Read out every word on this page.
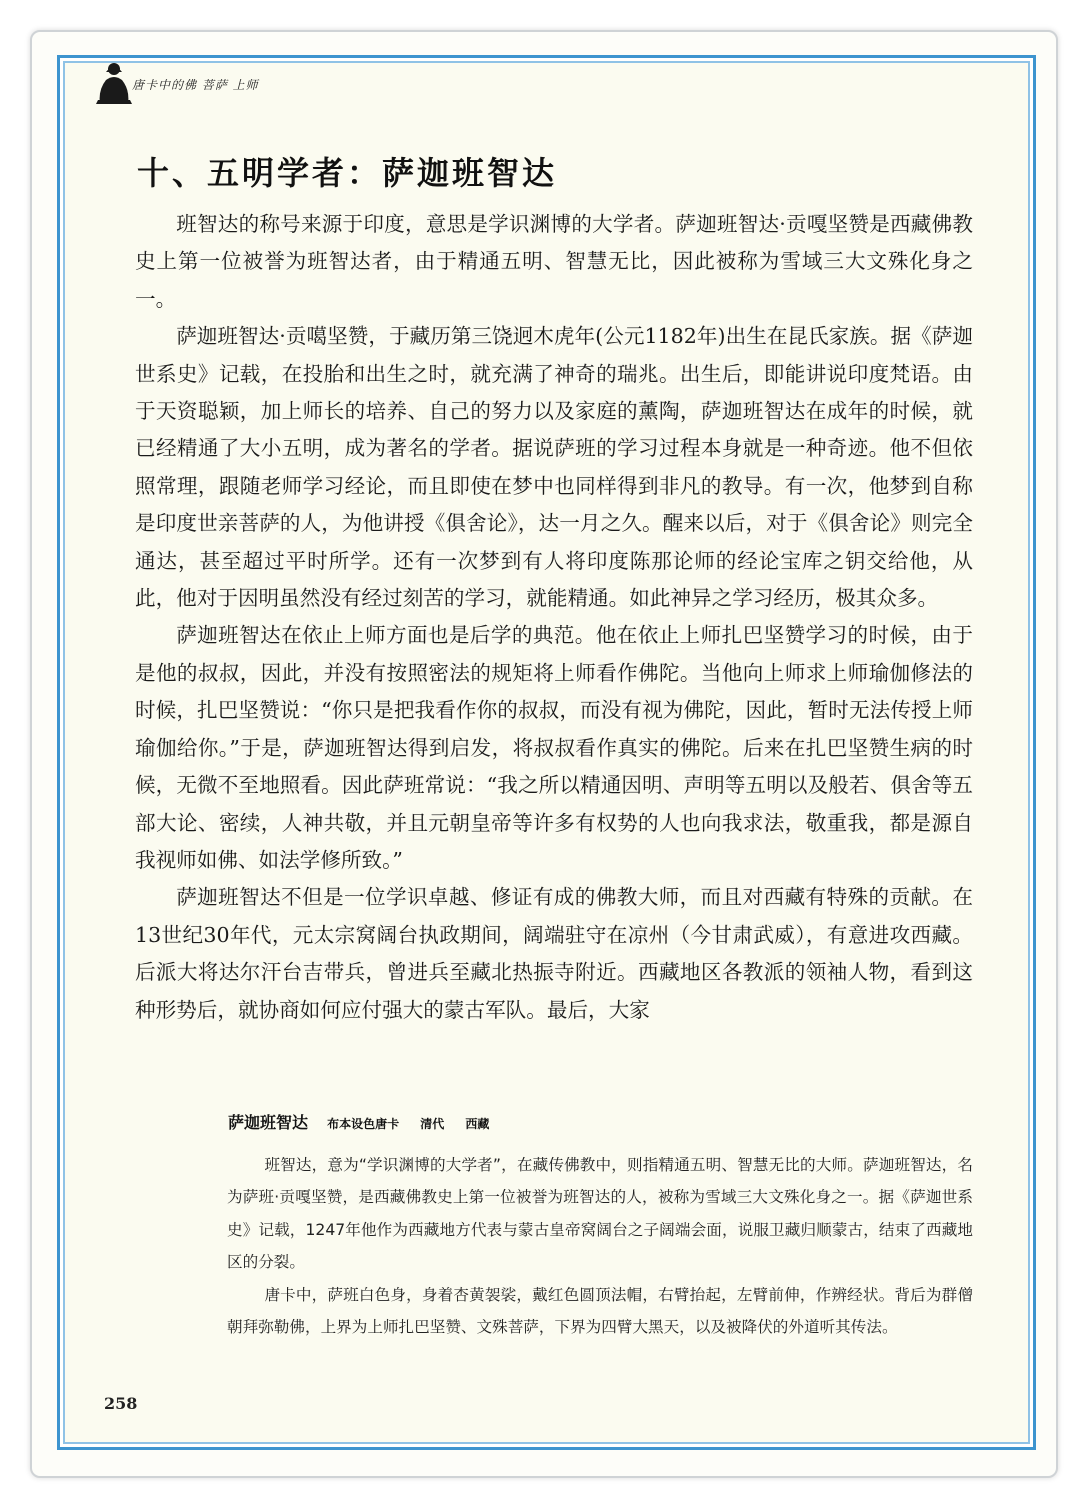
唐卡中的佛 菩萨 上师
十、五明学者：萨迦班智达

班智达的称号来源于印度，意思是学识渊博的大学者。萨迦班智达·贡嘎坚赞是西藏佛教史上第一位被誉为班智达者，由于精通五明、智慧无比，因此被称为雪域三大文殊化身之一。

萨迦班智达·贡噶坚赞，于藏历第三饶迥木虎年(公元1182年)出生在昆氏家族。据《萨迦世系史》记载，在投胎和出生之时，就充满了神奇的瑞兆。出生后，即能讲说印度梵语。由于天资聪颖，加上师长的培养、自己的努力以及家庭的薰陶，萨迦班智达在成年的时候，就已经精通了大小五明，成为著名的学者。据说萨班的学习过程本身就是一种奇迹。他不但依照常理，跟随老师学习经论，而且即使在梦中也同样得到非凡的教导。有一次，他梦到自称是印度世亲菩萨的人，为他讲授《俱舍论》，达一月之久。醒来以后，对于《俱舍论》则完全通达，甚至超过平时所学。还有一次梦到有人将印度陈那论师的经论宝库之钥交给他，从此，他对于因明虽然没有经过刻苦的学习，就能精通。如此神异之学习经历，极其众多。

萨迦班智达在依止上师方面也是后学的典范。他在依止上师扎巴坚赞学习的时候，由于是他的叔叔，因此，并没有按照密法的规矩将上师看作佛陀。当他向上师求上师瑜伽修法的时候，扎巴坚赞说：“你只是把我看作你的叔叔，而没有视为佛陀，因此，暂时无法传授上师瑜伽给你。”于是，萨迦班智达得到启发，将叔叔看作真实的佛陀。后来在扎巴坚赞生病的时候，无微不至地照看。因此萨班常说：“我之所以精通因明、声明等五明以及般若、俱舍等五部大论、密续，人神共敬，并且元朝皇帝等许多有权势的人也向我求法，敬重我，都是源自我视师如佛、如法学修所致。”

萨迦班智达不但是一位学识卓越、修证有成的佛教大师，而且对西藏有特殊的贡献。在13世纪30年代，元太宗窝阔台执政期间，阔端驻守在凉州（今甘肃武威），有意进攻西藏。后派大将达尔汗台吉带兵，曾进兵至藏北热振寺附近。西藏地区各教派的领袖人物，看到这种形势后，就协商如何应付强大的蒙古军队。最后，大家

萨迦班智达 布本设色唐卡 清代 西藏

班智达，意为“学识渊博的大学者”，在藏传佛教中，则指精通五明、智慧无比的大师。萨迦班智达，名为萨班·贡嘎坚赞，是西藏佛教史上第一位被誉为班智达的人，被称为雪域三大文殊化身之一。据《萨迦世系史》记载，1247年他作为西藏地方代表与蒙古皇帝窝阔台之子阔端会面，说服卫藏归顺蒙古，结束了西藏地区的分裂。

唐卡中，萨班白色身，身着杏黄袈裟，戴红色圆顶法帽，右臂抬起，左臂前伸，作辨经状。背后为群僧朝拜弥勒佛，上界为上师扎巴坚赞、文殊菩萨，下界为四臂大黑天，以及被降伏的外道听其传法。

258
